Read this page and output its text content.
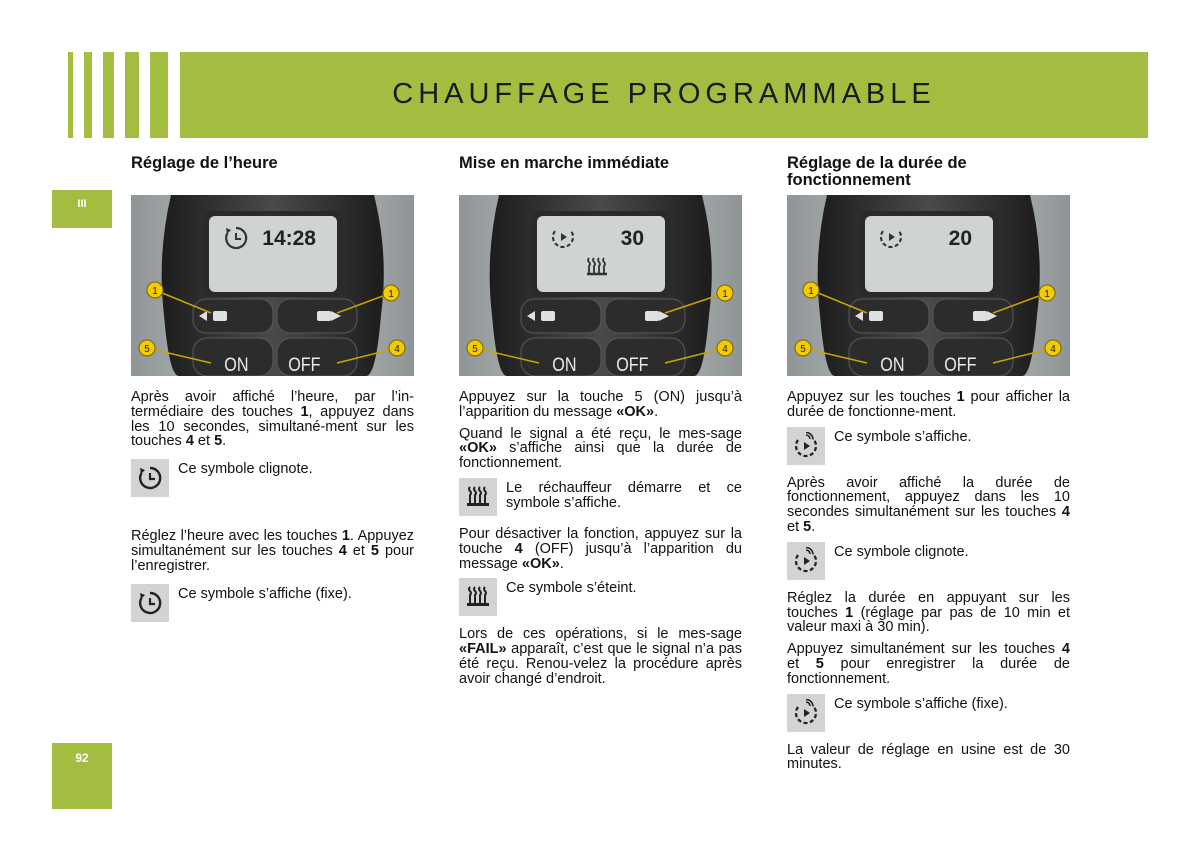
CHAUFFAGE PROGRAMMABLE
III
92
Réglage de l’heure
14:28
ON OFF
1	1
5	4

Après avoir affiché l’heure, par l’in-termédiaire des touches 1, appuyez dans les 10 secondes, simultané-ment sur les touches 4 et 5.

Ce symbole clignote.

Réglez l’heure avec les touches 1. Appuyez simultanément sur les touches 4 et 5 pour l’enregistrer.

Ce symbole s’affiche (fixe).
Mise en marche immédiate
30
ON OFF
1
5	4

Appuyez sur la touche 5 (ON) jusqu’à l’apparition du message «OK».

Quand le signal a été reçu, le mes-sage «OK» s’affiche ainsi que la durée de fonctionnement.

Le réchauffeur démarre et ce symbole s’affiche.

Pour désactiver la fonction, appuyez sur la touche 4 (OFF) jusqu’à l’apparition du message «OK».

Ce symbole s’éteint.

Lors de ces opérations, si le mes-sage «FAIL» apparaît, c’est que le signal n’a pas été reçu. Renou-velez la procédure après avoir changé d’endroit.

Réglage de la durée de fonctionnement
20
ON OFF
1	1
5	4

Appuyez sur les touches 1 pour afficher la durée de fonctionne-ment.

Ce symbole s’affiche.

Après avoir affiché la durée de fonctionnement, appuyez dans les 10 secondes simultanément sur les touches 4 et 5.

Ce symbole clignote.

Réglez la durée en appuyant sur les touches 1 (réglage par pas de 10 min et valeur maxi à 30 min).

Appuyez simultanément sur les touches 4 et 5 pour enregistrer la durée de fonctionnement.

Ce symbole s’affiche (fixe).

La valeur de réglage en usine est de 30 minutes.
